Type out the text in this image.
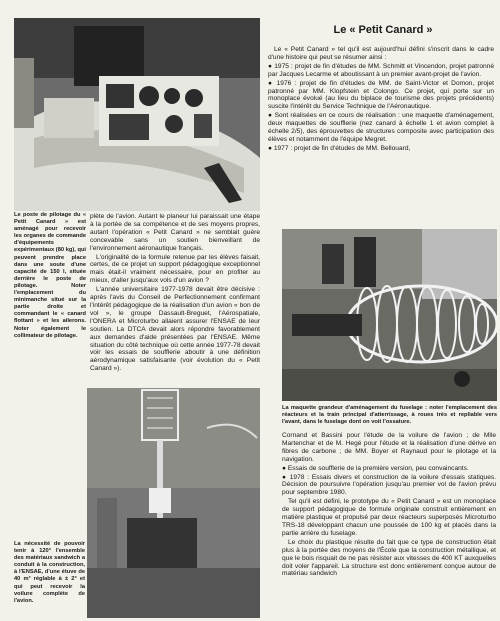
Le poste de pilotage du « Petit Canard » est aménagé pour recevoir les organes de commande d'équipements expérimentaux (80 kg), qui peuvent prendre place dans une soute d'une capacité de 150 l, située derrière le poste de pilotage. Noter l'emplacement du minimanche situé sur la partie droite et commandant le « canard flottant » et les ailerons. Noter également le collimateur de pilotage.

plète de l'avion. Autant le planeur lui paraissait une étape à la portée de sa compétence et de ses moyens propres, autant l'opération « Petit Canard » ne semblait guère concevable sans un soutien bienveillant de l'environnement aéronautique français.

L'originalité de la formule retenue par les élèves faisait, certes, de ce projet un support pédagogique exceptionnel mais était-il vraiment nécessaire, pour en profiter au mieux, d'aller jusqu'aux vols d'un avion ?

L'année universitaire 1977-1978 devait être décisive : après l'avis du Conseil de Perfectionnement confirmant l'intérêt pédagogique de la réalisation d'un avion « bon de vol », le groupe Dassault-Breguet, l'Aérospatiale, l'ONERA et Microturbo allaient assurer l'ENSAE de leur soutien. La DTCA devait alors répondre favorablement aux demandes d'aide présentées par l'ENSAE. Même situation du côté technique où cette année 1977-78 devait voir les essais de soufflerie aboutir à une définition aérodynamique satisfaisante (voir évolution du « Petit Canard »).

La nécessité de pouvoir tenir à 120° l'ensemble des matériaux sandwich a conduit à la construction, à l'ENSAE, d'une étuve de 40 m³ réglable à ± 2° et qui peut recevoir la voilure complète de l'avion.

Le « Petit Canard »

Le « Petit Canard » tel qu'il est aujourd'hui défini s'inscrit dans le cadre d'une histoire qui peut se résumer ainsi :

● 1975 : projet de fin d'études de MM. Schmitt et Vincendon, projet patronné par Jacques Lecarme et aboutissant à un premier avant-projet de l'avion.

● 1976 : projet de fin d'études de MM. de Saint-Victor et Domon, projet patronné par MM. Klopfstein et Colongo. Ce projet, qui porte sur un monoplace évolué (au lieu du biplace de tourisme des projets précédents) suscite l'intérêt du Service Technique de l'Aéronautique.

● Sont réalisées en ce cours de réalisation : une maquette d'aménagement, deux maquettes de soufflerie (nez canard à échelle 1 et avion complet à échelle 2/5), des éprouvettes de structures composite avec participation des élèves et notamment de l'équipe Megret.

● 1977 : projet de fin d'études de MM. Bellouard,

La maquette grandeur d'aménagement du fuselage : noter l'emplacement des réacteurs et la train principal d'atterrissage, à roues très et repliable vers l'avant, dans le fuselage dont on voit l'ossature.

Cornand et Bassini pour l'étude de la voilure de l'avion ; de Mlle Martenchar et de M. Hegé pour l'étude et la réalisation d'une dérive en fibres de carbone ; de MM. Boyer et Raynaud pour le pilotage et la navigation.

● Essais de soufflerie de la première version, peu convaincants.

● 1978 : Essais divers et construction de la voilure d'essais statiques. Décision de poursuivre l'opération jusqu'au premier vol de l'avion prévu pour septembre 1980.

Tel qu'il est défini, le prototype du « Petit Canard » est un monoplace de support pédagogique de formule originale construit entièrement en matière plastique et propulsé par deux réacteurs superposés Microturbo TRS-18 développant chacun une poussée de 100 kg et placés dans la partie arrière du fuselage.

Le choix du plastique résulte du fait que ce type de construction était plus à la portée des moyens de l'École que la construction métallique, et que le bois risquait de ne pas résister aux vitesses de 400 KT auxquelles doit voler l'appareil. La structure est donc entièrement conçue autour de matériau sandwich
